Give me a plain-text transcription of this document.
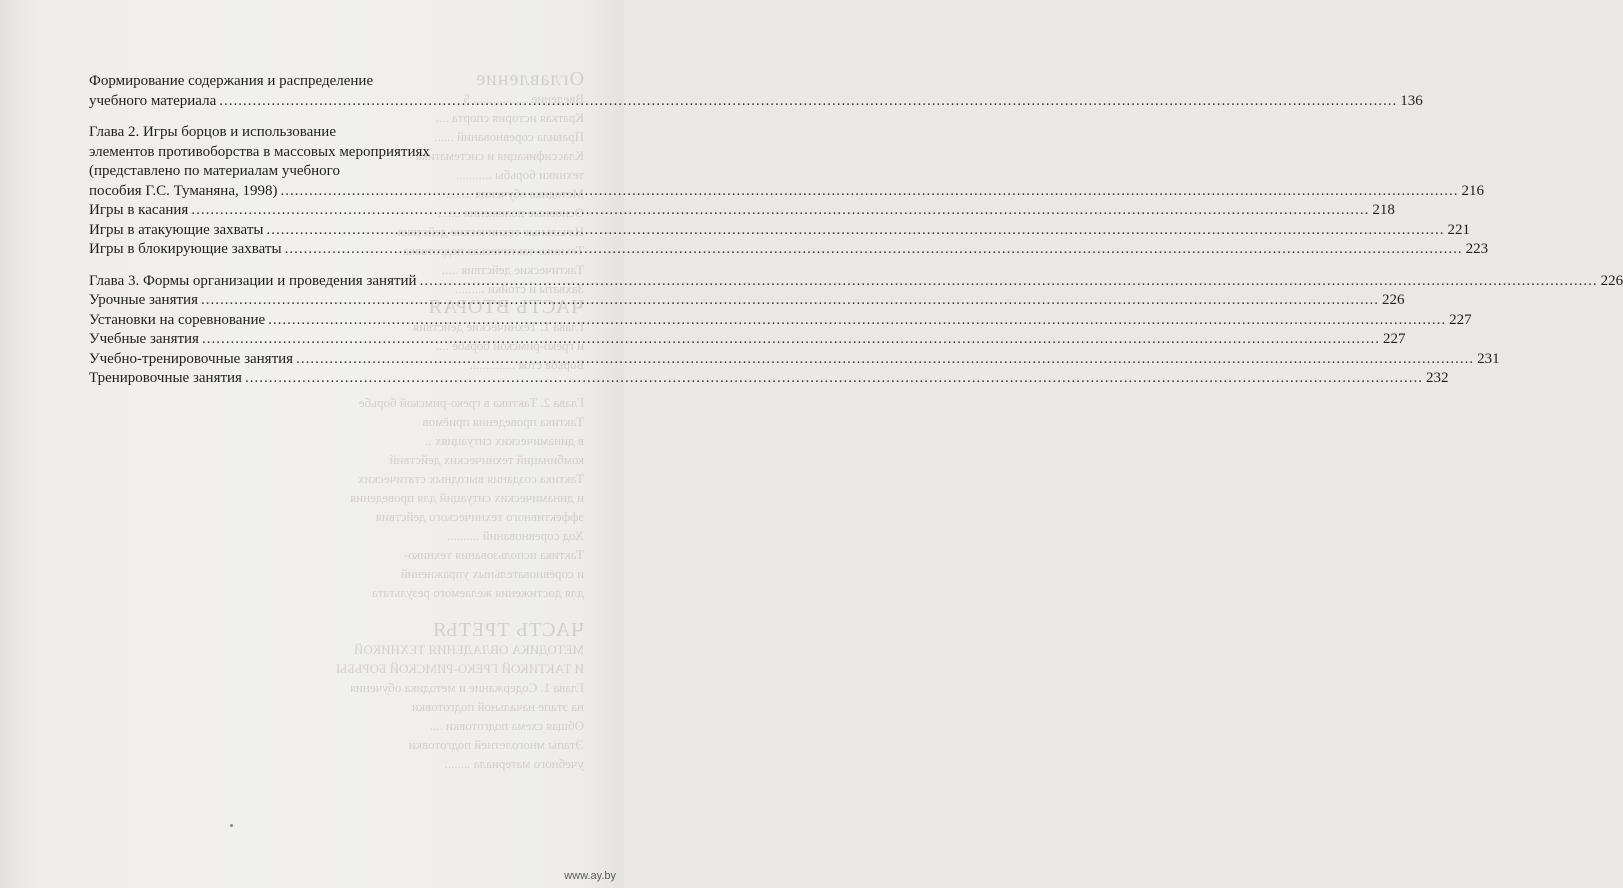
Оглавление
Введение ................. 5
Краткая история спорта ....
Правила соревнований ......
Классификация и систематика
техники борьбы ...........
Методика обучения ........
Основные положения .......
Начальные технические действия
Технико-тактическая подготовка
Тактические действия .....
Захваты и стойки .........
ЧАСТЬ ВТОРАЯ
Глава 1. Технические действия
и греко-римской борьбе ....
Борьба стоя ..............

Глава 2. Тактика в греко-римской борьбе
Тактика проведения приёмов
в динамических ситуациях ..
комбинаций технических действий
Тактика создания выгодных статических
и динамических ситуаций для проведения
эффективного технического действия
Ход соревнований ..........
Тактика использования технико-
и соревновательных упражнений
для достижения желаемого результата

ЧАСТЬ ТРЕТЬЯ
МЕТОДИКА ОВЛАДЕНИЯ ТЕХНИКОЙ
И ТАКТИКОЙ ГРЕКО-РИМСКОЙ БОРЬБЫ
Глава 1. Содержание и методика обучения
на этапе начальной подготовки
Общая схема подготовки ....
Этапы многолетней подготовки
учебного материала ........
Формирование содержания и распределение
учебного материала .....	136
Глава 2. Игры борцов и использование
элементов противоборства в массовых мероприятиях
(представлено по материалам учебного
пособия Г.С. Туманяна, 1998) .....	216
Игры в касания .....	218
Игры в атакующие захваты .....	221
Игры в блокирующие захваты .....	223
Глава 3. Формы организации и проведения занятий .....	226
Урочные занятия .....	226
Установки на соревнование .....	227
Учебные занятия .....	227
Учебно-тренировочные занятия .....	231
Тренировочные занятия .....	232
www.ay.by
